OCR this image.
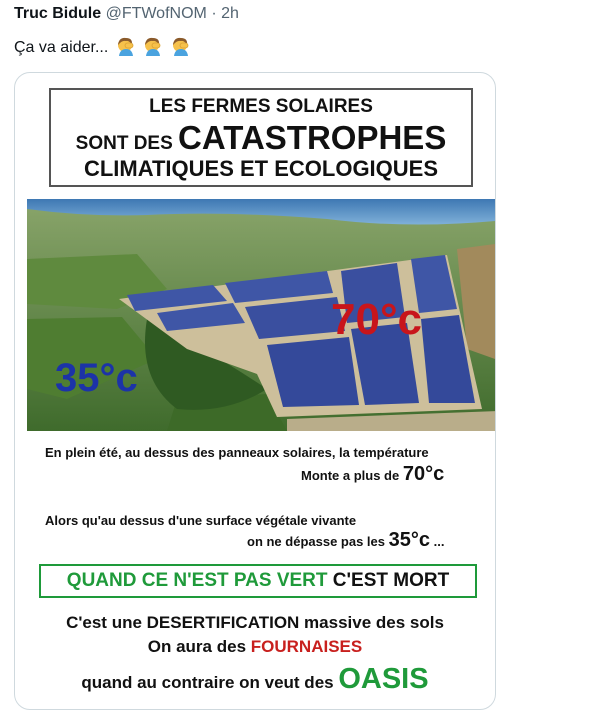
Truc Bidule @FTWofNOM · 2h
Ça va aider...
LES FERMES SOLAIRES
SONT DES CATASTROPHES
CLIMATIQUES ET ECOLOGIQUES
35°c
70°c
En plein été, au dessus des panneaux solaires, la température
Monte a plus de 70°c
Alors qu'au dessus d'une surface végétale vivante
on ne dépasse pas les 35°c ...
QUAND CE N'EST PAS VERT C'EST MORT
C'est une DESERTIFICATION massive des sols
On aura des FOURNAISES
quand au contraire on veut des OASIS
